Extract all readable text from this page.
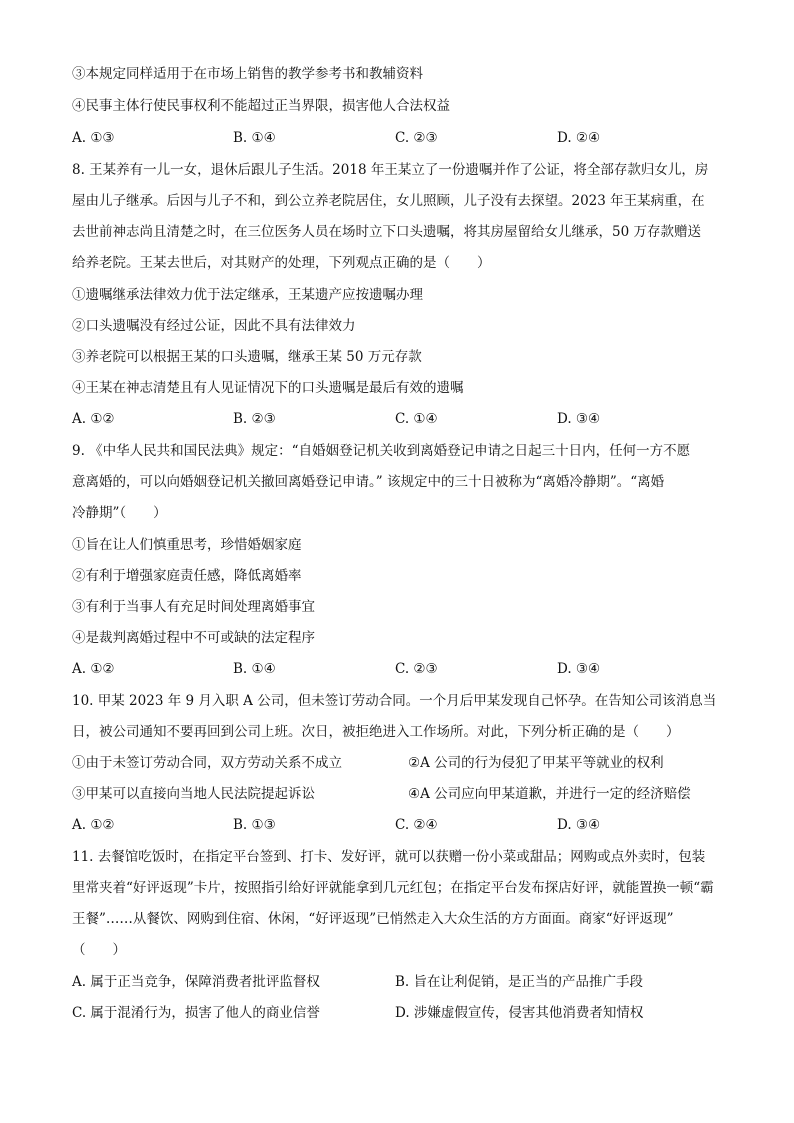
③本规定同样适用于在市场上销售的教学参考书和教辅资料
④民事主体行使民事权利不能超过正当界限，损害他人合法权益
A. ①③	B. ①④	C. ②③	D. ②④
8. 王某养有一儿一女，退休后跟儿子生活。2018 年王某立了一份遗嘱并作了公证，将全部存款归女儿，房
屋由儿子继承。后因与儿子不和，到公立养老院居住，女儿照顾，儿子没有去探望。2023 年王某病重，在
去世前神志尚且清楚之时，在三位医务人员在场时立下口头遗嘱，将其房屋留给女儿继承，50 万存款赠送
给养老院。王某去世后，对其财产的处理，下列观点正确的是（　　）
①遗嘱继承法律效力优于法定继承，王某遗产应按遗嘱办理
②口头遗嘱没有经过公证，因此不具有法律效力
③养老院可以根据王某的口头遗嘱，继承王某 50 万元存款
④王某在神志清楚且有人见证情况下的口头遗嘱是最后有效的遗嘱
A. ①②	B. ②③	C. ①④	D. ③④
9. 《中华人民共和国民法典》规定：“自婚姻登记机关收到离婚登记申请之日起三十日内，任何一方不愿
意离婚的，可以向婚姻登记机关撤回离婚登记申请。” 该规定中的三十日被称为“离婚冷静期”。“离婚
冷静期”（　　）
①旨在让人们慎重思考，珍惜婚姻家庭
②有利于增强家庭责任感，降低离婚率
③有利于当事人有充足时间处理离婚事宜
④是裁判离婚过程中不可或缺的法定程序
A. ①②	B. ①④	C. ②③	D. ③④
10. 甲某 2023 年 9 月入职 A 公司，但未签订劳动合同。一个月后甲某发现自己怀孕。在告知公司该消息当
日，被公司通知不要再回到公司上班。次日，被拒绝进入工作场所。对此，下列分析正确的是（　　）
①由于未签订劳动合同，双方劳动关系不成立	②A 公司的行为侵犯了甲某平等就业的权利
③甲某可以直接向当地人民法院提起诉讼	④A 公司应向甲某道歉，并进行一定的经济赔偿
A. ①②	B. ①③	C. ②④	D. ③④
11. 去餐馆吃饭时，在指定平台签到、打卡、发好评，就可以获赠一份小菜或甜品；网购或点外卖时，包装
里常夹着“好评返现”卡片，按照指引给好评就能拿到几元红包；在指定平台发布探店好评，就能置换一顿“霸
王餐”……从餐饮、网购到住宿、休闲，“好评返现”已悄然走入大众生活的方方面面。商家“好评返现”
（　　）
A. 属于正当竞争，保障消费者批评监督权	B. 旨在让利促销，是正当的产品推广手段
C. 属于混淆行为，损害了他人的商业信誉	D. 涉嫌虚假宣传，侵害其他消费者知情权
